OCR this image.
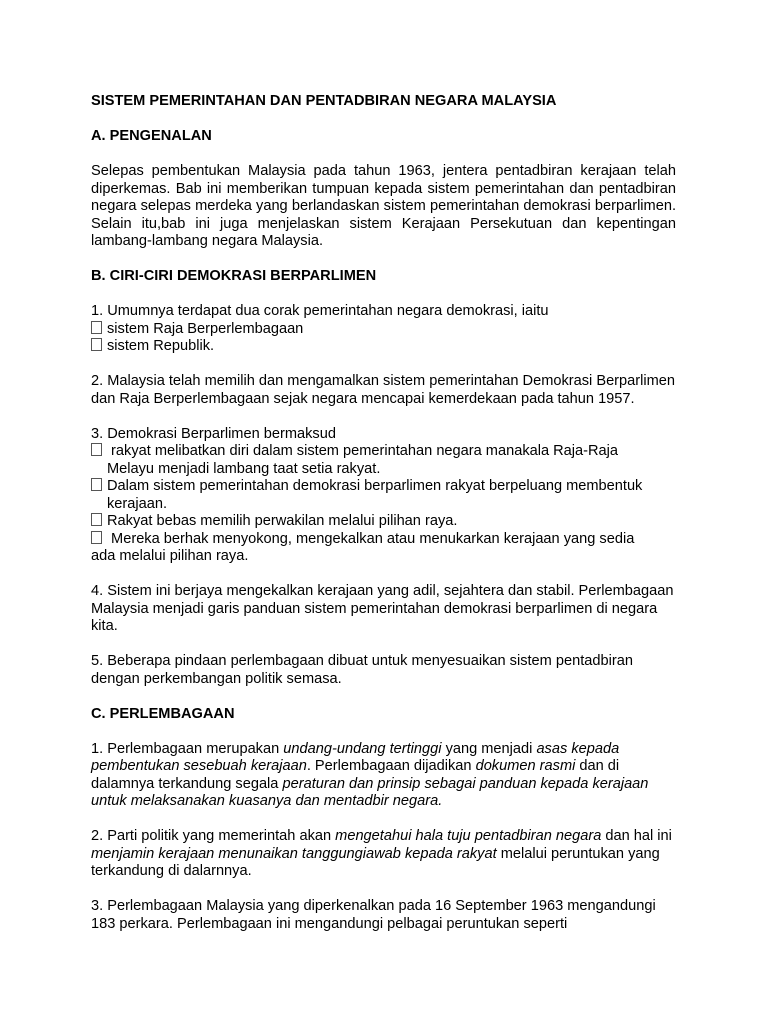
SISTEM PEMERINTAHAN DAN PENTADBIRAN NEGARA MALAYSIA
A. PENGENALAN

Selepas pembentukan Malaysia pada tahun 1963, jentera pentadbiran kerajaan telah diperkemas. Bab ini memberikan tumpuan kepada sistem pemerintahan dan pentadbiran negara selepas merdeka yang berlandaskan sistem pemerintahan demokrasi berparlimen. Selain itu,bab ini juga menjelaskan sistem Kerajaan Persekutuan dan kepentingan lambang-lambang negara Malaysia.

B. CIRI-CIRI DEMOKRASI BERPARLIMEN

1. Umumnya terdapat dua corak pemerintahan negara demokrasi, iaitu

sistem Raja Berperlembagaan
sistem Republik.

2. Malaysia telah memilih dan mengamalkan sistem pemerintahan Demokrasi Berparlimen dan Raja Berperlembagaan sejak negara mencapai kemerdekaan pada tahun 1957.

3. Demokrasi Berparlimen bermaksud

rakyat melibatkan diri dalam sistem pemerintahan negara manakala Raja-Raja
Melayu menjadi lambang taat setia rakyat.
Dalam sistem pemerintahan demokrasi berparlimen rakyat berpeluang membentuk
kerajaan.
Rakyat bebas memilih perwakilan melalui pilihan raya.
Mereka berhak menyokong, mengekalkan atau menukarkan kerajaan yang sedia
ada melalui pilihan raya.

4. Sistem ini berjaya mengekalkan kerajaan yang adil, sejahtera dan stabil. Perlembagaan Malaysia menjadi garis panduan sistem pemerintahan demokrasi berparlimen di negara kita.

5. Beberapa pindaan perlembagaan dibuat untuk menyesuaikan sistem pentadbiran dengan perkembangan politik semasa.

C. PERLEMBAGAAN

1. Perlembagaan merupakan undang-undang tertinggi yang menjadi asas kepada pembentukan sesebuah kerajaan. Perlembagaan dijadikan dokumen rasmi dan di dalamnya terkandung segala peraturan dan prinsip sebagai panduan kepada kerajaan untuk melaksanakan kuasanya dan mentadbir negara.

2. Parti politik yang memerintah akan mengetahui hala tuju pentadbiran negara dan hal ini menjamin kerajaan menunaikan tanggungiawab kepada rakyat melalui peruntukan yang terkandung di dalarnnya.

3. Perlembagaan Malaysia yang diperkenalkan pada 16 September 1963 mengandungi 183 perkara. Perlembagaan ini mengandungi pelbagai peruntukan seperti
